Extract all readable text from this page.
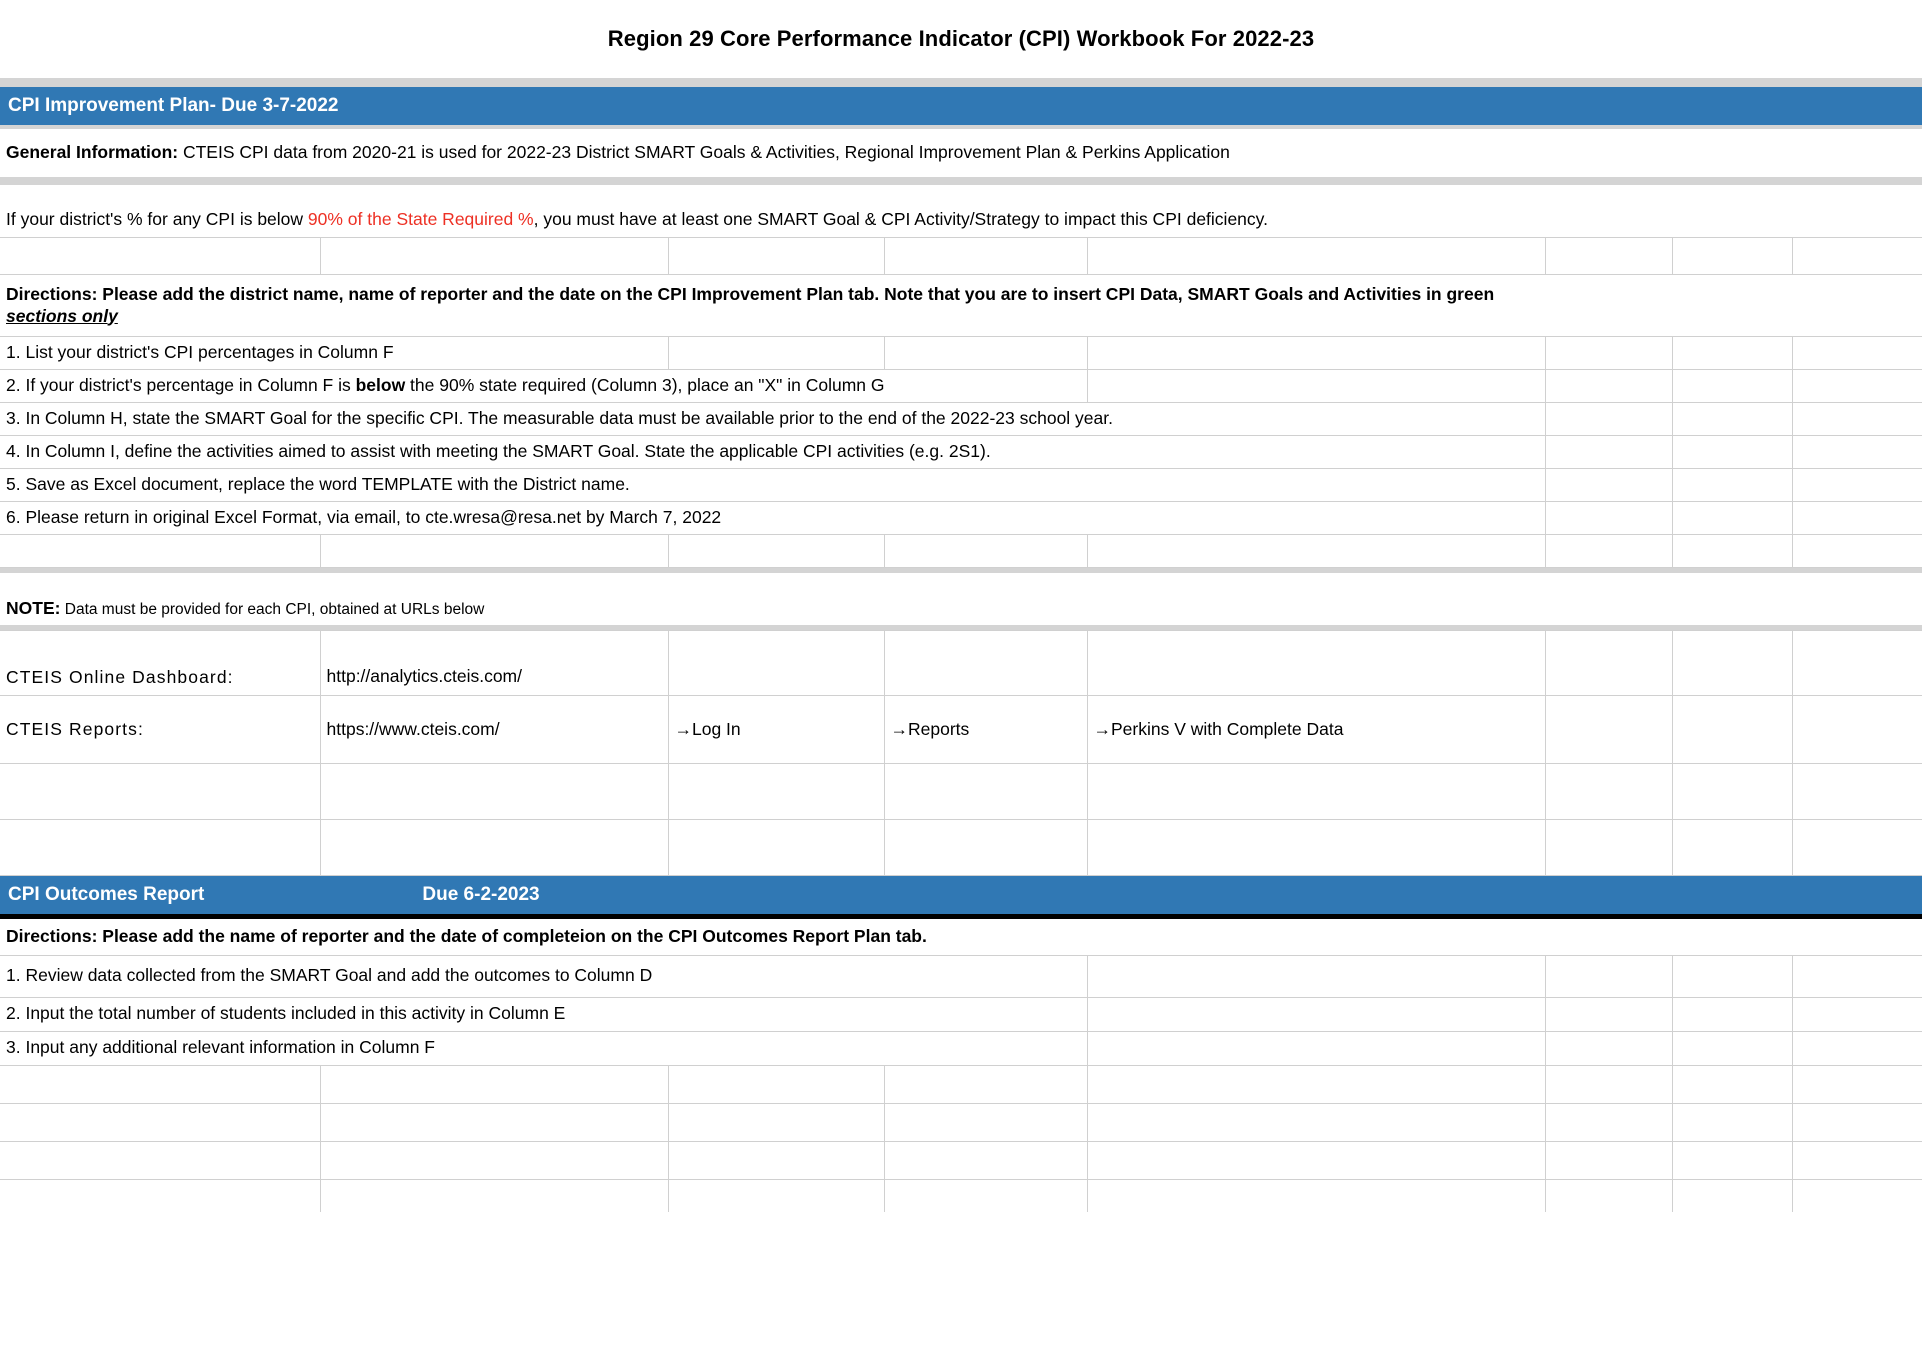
Region 29 Core Performance Indicator (CPI) Workbook For 2022-23
CPI Improvement Plan- Due 3-7-2022
General Information: CTEIS CPI data from 2020-21 is used for 2022-23 District SMART Goals & Activities, Regional Improvement Plan & Perkins Application
If your district's % for any CPI is below 90% of the State Required %, you must have at least one SMART Goal & CPI Activity/Strategy to impact this CPI deficiency.

Directions: Please add the district name, name of reporter and the date on the CPI Improvement Plan tab. Note that you are to insert CPI Data, SMART Goals and Activities in green sections only							
1. List your district's CPI percentages in Column F							
2. If your district's percentage in Column F is below the 90% state required (Column 3), place an "X" in Column G							
3. In Column H, state the SMART Goal for the specific CPI. The measurable data must be available prior to the end of the 2022-23 school year.							
4. In Column I, define the activities aimed to assist with meeting the SMART Goal. State the applicable CPI activities (e.g. 2S1).							
5. Save as Excel document, replace the word TEMPLATE with the District name.							
6. Please return in original Excel Format, via email, to cte.wresa@resa.net by March 7, 2022							

NOTE: Data must be provided for each CPI, obtained at URLs below
CTEIS Online Dashboard:	http://analytics.cteis.com/						
CTEIS Reports:	https://www.cteis.com/	→Log In	→Reports	→Perkins V with Complete Data			

CPI Outcomes Report	Due 6-2-2023
Directions: Please add the name of reporter and the date of completeion on the CPI Outcomes Report Plan tab.							
1. Review data collected from the SMART Goal and add the outcomes to Column D							
2. Input the total number of students included in this activity in Column E							
3. Input any additional relevant information in Column F							
